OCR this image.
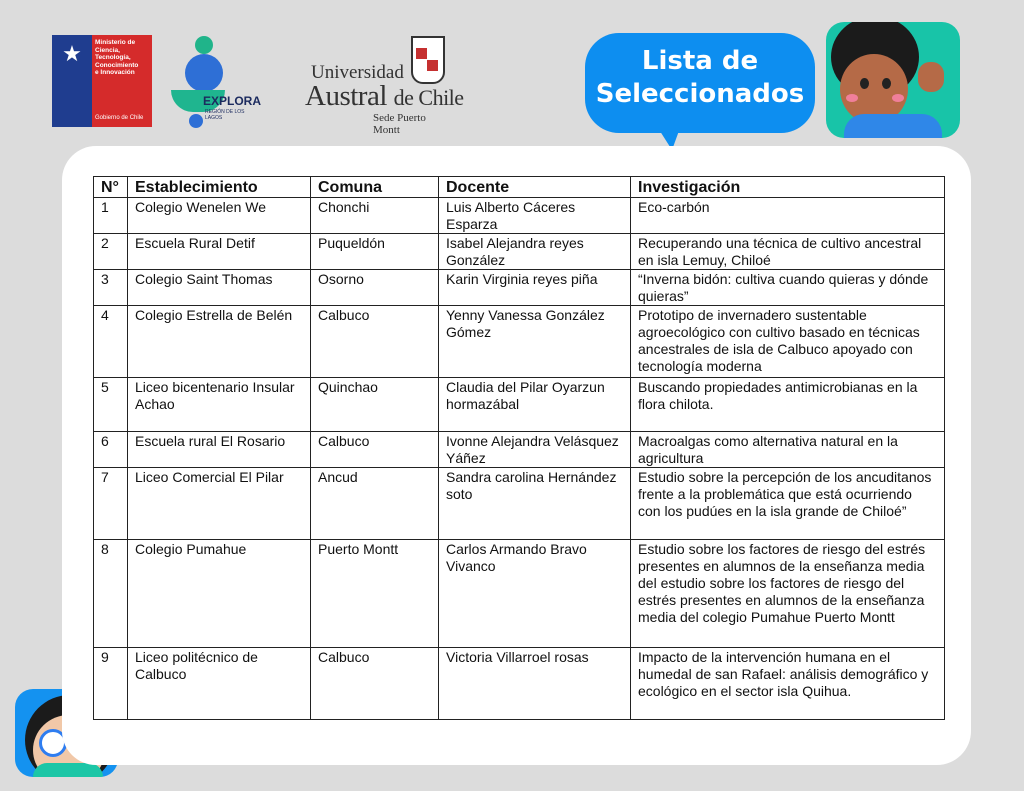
★	Ministerio de
Ciencia,
Tecnología,
Conocimiento
e Innovación
Gobierno de Chile
EXPLORA
REGIÓN DE LOS LAGOS
Universidad
Austral de Chile
Sede Puerto Montt
Lista de
Seleccionados
N°	Establecimiento	Comuna	Docente	Investigación
1	Colegio Wenelen We	Chonchi	Luis Alberto Cáceres Esparza	Eco-carbón
2	Escuela Rural Detif	Puqueldón	Isabel Alejandra reyes González	Recuperando una técnica de cultivo ancestral en isla Lemuy, Chiloé
3	Colegio Saint Thomas	Osorno	Karin Virginia reyes piña	“Inverna bidón: cultiva cuando quieras y dónde quieras”
4	Colegio Estrella de Belén	Calbuco	Yenny Vanessa González Gómez	Prototipo de invernadero sustentable agroecológico con cultivo basado en técnicas ancestrales de isla de Calbuco apoyado con tecnología moderna
5	Liceo bicentenario Insular Achao	Quinchao	Claudia del Pilar Oyarzun hormazábal	Buscando propiedades antimicrobianas en la flora chilota.
6	Escuela rural El Rosario	Calbuco	Ivonne Alejandra Velásquez Yáñez	Macroalgas como alternativa natural en la agricultura
7	Liceo Comercial El Pilar	Ancud	Sandra carolina Hernández soto	Estudio sobre la percepción de los ancuditanos frente a la problemática que está ocurriendo con los pudúes en la isla grande de Chiloé”
8	Colegio Pumahue	Puerto Montt	Carlos Armando Bravo Vivanco	Estudio sobre los factores de riesgo del estrés presentes en alumnos de la enseñanza media del estudio sobre los factores de riesgo del estrés presentes en alumnos de la enseñanza media del colegio Pumahue Puerto Montt
9	Liceo politécnico de Calbuco	Calbuco	Victoria Villarroel rosas	Impacto de la intervención humana en el humedal de san Rafael: análisis demográfico y ecológico en el sector isla Quihua.
